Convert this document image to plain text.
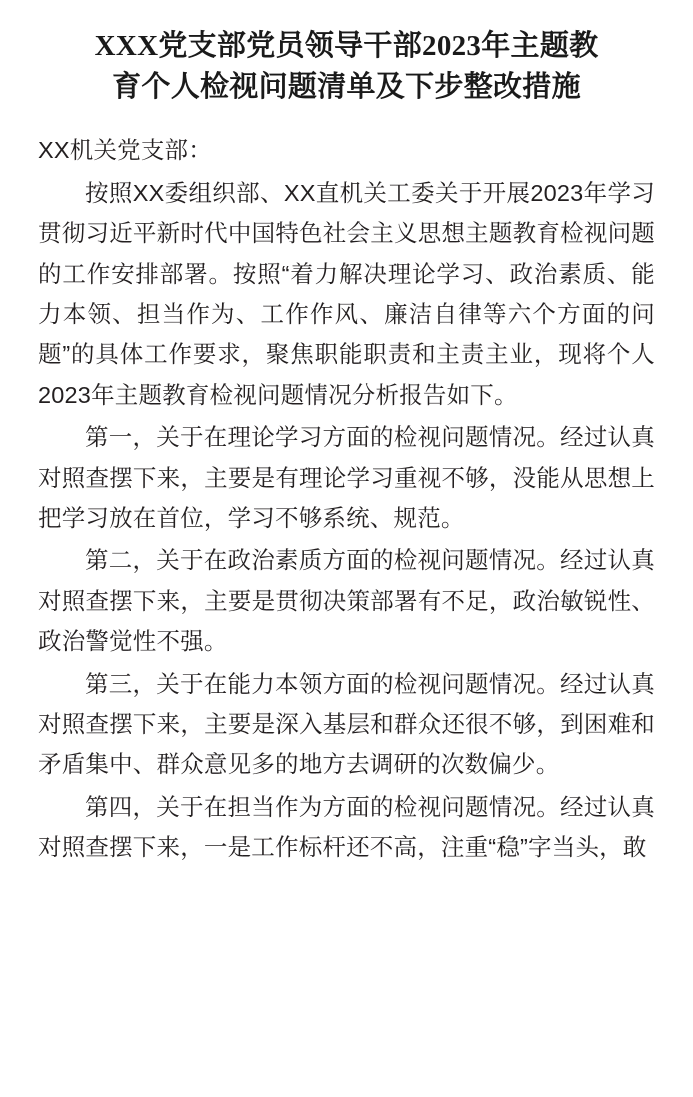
XXX党支部党员领导干部2023年主题教
育个人检视问题清单及下步整改措施

XX机关党支部：

按照XX委组织部、XX直机关工委关于开展2023年学习贯彻习近平新时代中国特色社会主义思想主题教育检视问题的工作安排部署。按照“着力解决理论学习、政治素质、能力本领、担当作为、工作作风、廉洁自律等六个方面的问题”的具体工作要求，聚焦职能职责和主责主业，现将个人2023年主题教育检视问题情况分析报告如下。

第一，关于在理论学习方面的检视问题情况。经过认真对照查摆下来，主要是有理论学习重视不够，没能从思想上把学习放在首位，学习不够系统、规范。

第二，关于在政治素质方面的检视问题情况。经过认真对照查摆下来，主要是贯彻决策部署有不足，政治敏锐性、政治警觉性不强。

第三，关于在能力本领方面的检视问题情况。经过认真对照查摆下来，主要是深入基层和群众还很不够，到困难和矛盾集中、群众意见多的地方去调研的次数偏少。

第四，关于在担当作为方面的检视问题情况。经过认真对照查摆下来，一是工作标杆还不高，注重“稳”字当头，敢
